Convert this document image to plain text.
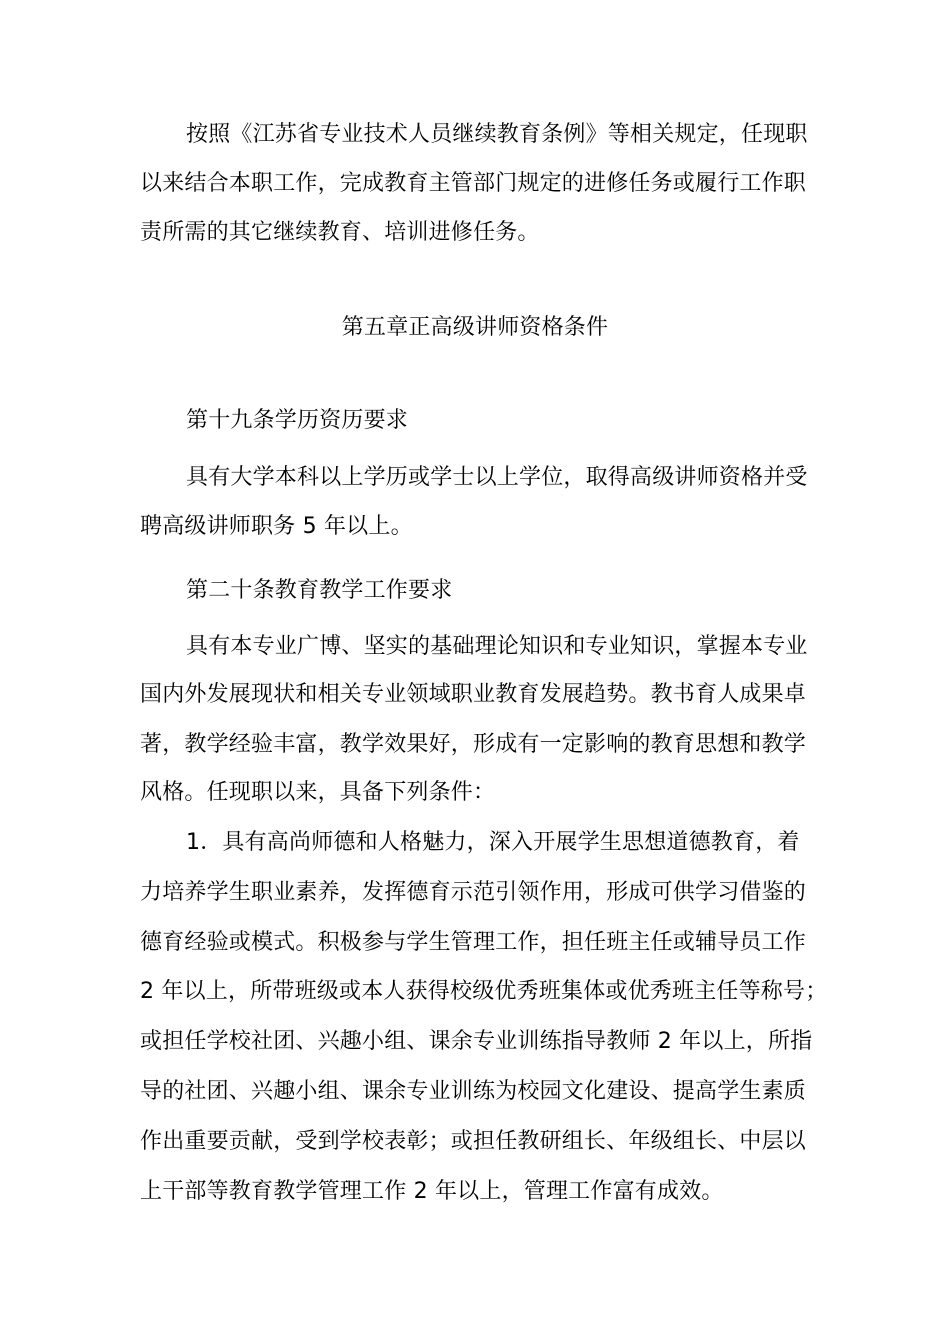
按照《江苏省专业技术人员继续教育条例》等相关规定，任现职
以来结合本职工作，完成教育主管部门规定的进修任务或履行工作职
责所需的其它继续教育、培训进修任务。
第五章正高级讲师资格条件
第十九条学历资历要求
具有大学本科以上学历或学士以上学位，取得高级讲师资格并受
聘高级讲师职务 5 年以上。
第二十条教育教学工作要求
具有本专业广博、坚实的基础理论知识和专业知识，掌握本专业
国内外发展现状和相关专业领域职业教育发展趋势。教书育人成果卓
著，教学经验丰富，教学效果好，形成有一定影响的教育思想和教学
风格。任现职以来，具备下列条件：
1．具有高尚师德和人格魅力，深入开展学生思想道德教育，着
力培养学生职业素养，发挥德育示范引领作用，形成可供学习借鉴的
德育经验或模式。积极参与学生管理工作，担任班主任或辅导员工作
2 年以上，所带班级或本人获得校级优秀班集体或优秀班主任等称号；
或担任学校社团、兴趣小组、课余专业训练指导教师 2 年以上，所指
导的社团、兴趣小组、课余专业训练为校园文化建设、提高学生素质
作出重要贡献，受到学校表彰；或担任教研组长、年级组长、中层以
上干部等教育教学管理工作 2 年以上，管理工作富有成效。
